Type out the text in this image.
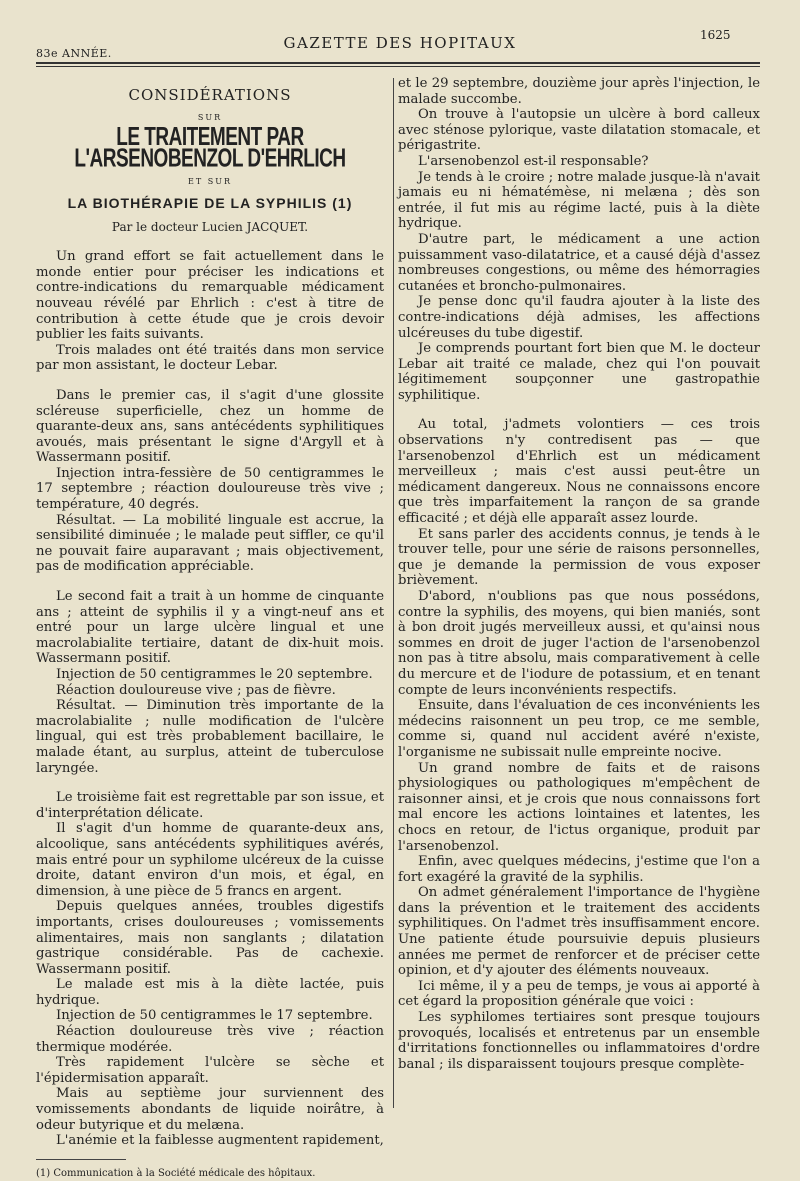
83e ANNÉE.
GAZETTE DES HOPITAUX	1625
CONSIDÉRATIONS
SUR
LE TRAITEMENT PAR L'ARSENOBENZOL D'EHRLICH
ET SUR
LA BIOTHÉRAPIE DE LA SYPHILIS (1)
Par le docteur Lucien JACQUET.

Un grand effort se fait actuellement dans le monde entier pour préciser les indications et contre-indications du remarquable médicament nouveau révélé par Ehrlich : c'est à titre de contribution à cette étude que je crois devoir publier les faits suivants.

Trois malades ont été traités dans mon service par mon assistant, le docteur Lebar.

Dans le premier cas, il s'agit d'une glossite scléreuse superficielle, chez un homme de quarante-deux ans, sans antécédents syphilitiques avoués, mais présentant le signe d'Argyll et à Wassermann positif.

Injection intra-fessière de 50 centigrammes le 17 septembre ; réaction douloureuse très vive ; température, 40 degrés.

Résultat. — La mobilité linguale est accrue, la sensibilité diminuée ; le malade peut siffler, ce qu'il ne pouvait faire auparavant ; mais objectivement, pas de modification appréciable.

Le second fait a trait à un homme de cinquante ans ; atteint de syphilis il y a vingt-neuf ans et entré pour un large ulcère lingual et une macrolabialite tertiaire, datant de dix-huit mois. Wassermann positif.

Injection de 50 centigrammes le 20 septembre.

Réaction douloureuse vive ; pas de fièvre.

Résultat. — Diminution très importante de la macrolabialite ; nulle modification de l'ulcère lingual, qui est très probablement bacillaire, le malade étant, au surplus, atteint de tuberculose laryngée.

Le troisième fait est regrettable par son issue, et d'interprétation délicate.

Il s'agit d'un homme de quarante-deux ans, alcoolique, sans antécédents syphilitiques avérés, mais entré pour un syphilome ulcéreux de la cuisse droite, datant environ d'un mois, et égal, en dimension, à une pièce de 5 francs en argent.

Depuis quelques années, troubles digestifs importants, crises douloureuses ; vomissements alimentaires, mais non sanglants ; dilatation gastrique considérable. Pas de cachexie. Wassermann positif.

Le malade est mis à la diète lactée, puis hydrique.

Injection de 50 centigrammes le 17 septembre.

Réaction douloureuse très vive ; réaction thermique modérée.

Très rapidement l'ulcère se sèche et l'épidermisation apparaît.

Mais au septième jour surviennent des vomissements abondants de liquide noirâtre, à odeur butyrique et du melæna.

L'anémie et la faiblesse augmentent rapidement,

(1) Communication à la Société médicale des hôpitaux.

et le 29 septembre, douzième jour après l'injection, le malade succombe.

On trouve à l'autopsie un ulcère à bord calleux avec sténose pylorique, vaste dilatation stomacale, et périgastrite.

L'arsenobenzol est-il responsable?

Je tends à le croire ; notre malade jusque-là n'avait jamais eu ni hématémèse, ni melæna ; dès son entrée, il fut mis au régime lacté, puis à la diète hydrique.

D'autre part, le médicament a une action puissamment vaso-dilatatrice, et a causé déjà d'assez nombreuses congestions, ou même des hémorragies cutanées et broncho-pulmonaires.

Je pense donc qu'il faudra ajouter à la liste des contre-indications déjà admises, les affections ulcéreuses du tube digestif.

Je comprends pourtant fort bien que M. le docteur Lebar ait traité ce malade, chez qui l'on pouvait légitimement soupçonner une gastropathie syphilitique.

Au total, j'admets volontiers — ces trois observations n'y contredisent pas — que l'arsenobenzol d'Ehrlich est un médicament merveilleux ; mais c'est aussi peut-être un médicament dangereux. Nous ne connaissons encore que très imparfaitement la rançon de sa grande efficacité ; et déjà elle apparaît assez lourde.

Et sans parler des accidents connus, je tends à le trouver telle, pour une série de raisons personnelles, que je demande la permission de vous exposer brièvement.

D'abord, n'oublions pas que nous possédons, contre la syphilis, des moyens, qui bien maniés, sont à bon droit jugés merveilleux aussi, et qu'ainsi nous sommes en droit de juger l'action de l'arsenobenzol non pas à titre absolu, mais comparativement à celle du mercure et de l'iodure de potassium, et en tenant compte de leurs inconvénients respectifs.

Ensuite, dans l'évaluation de ces inconvénients les médecins raisonnent un peu trop, ce me semble, comme si, quand nul accident avéré n'existe, l'organisme ne subissait nulle empreinte nocive.

Un grand nombre de faits et de raisons physiologiques ou pathologiques m'empêchent de raisonner ainsi, et je crois que nous connaissons fort mal encore les actions lointaines et latentes, les chocs en retour, de l'ictus organique, produit par l'arsenobenzol.

Enfin, avec quelques médecins, j'estime que l'on a fort exagéré la gravité de la syphilis.

On admet généralement l'importance de l'hygiène dans la prévention et le traitement des accidents syphilitiques. On l'admet très insuffisamment encore. Une patiente étude poursuivie depuis plusieurs années me permet de renforcer et de préciser cette opinion, et d'y ajouter des éléments nouveaux.

Ici même, il y a peu de temps, je vous ai apporté à cet égard la proposition générale que voici :

Les syphilomes tertiaires sont presque toujours provoqués, localisés et entretenus par un ensemble d'irritations fonctionnelles ou inflammatoires d'ordre banal ; ils disparaissent toujours presque complète-
